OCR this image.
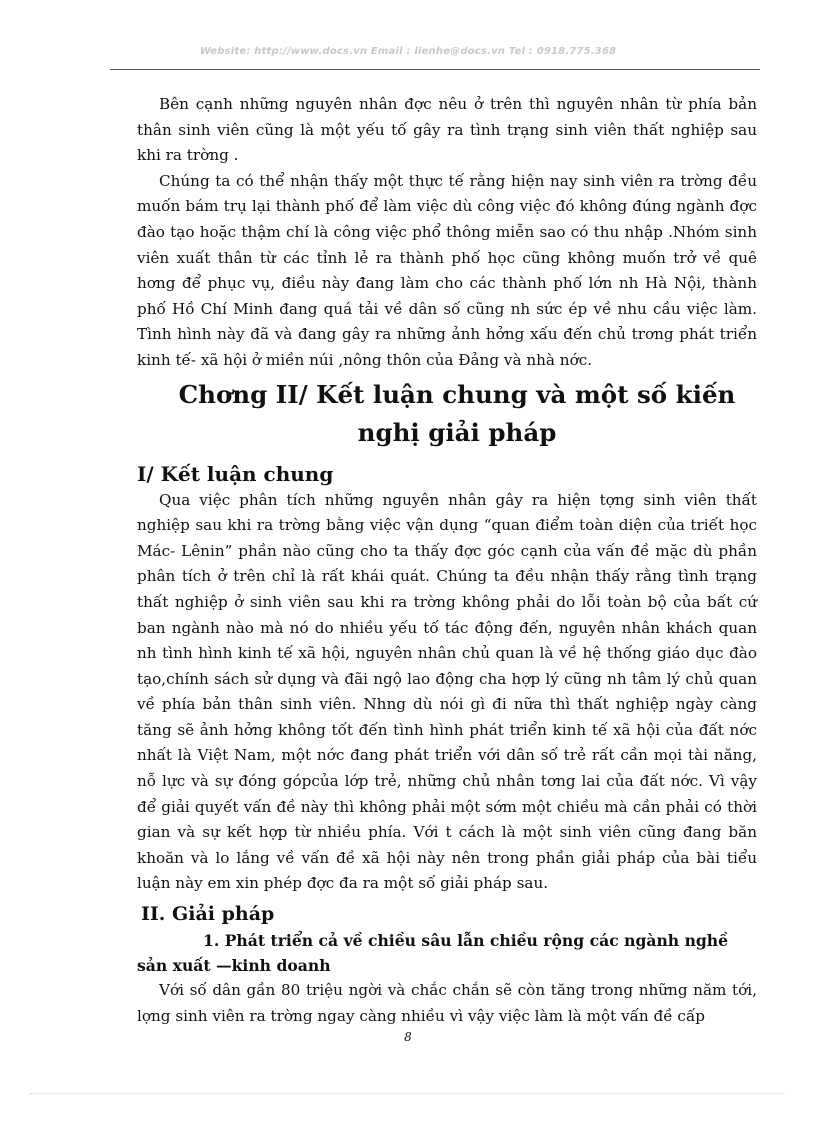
Website: http://www.docs.vn Email : lienhe@docs.vn Tel : 0918.775.368

Bên cạnh những nguyên nhân đợc nêu ở trên thì nguyên nhân từ phía bản thân sinh viên cũng là một yếu tố gây ra tình trạng sinh viên thất nghiệp sau khi ra trờng .

Chúng ta có thể nhận thấy một thực tế rằng hiện nay sinh viên ra trờng đều muốn bám trụ lại thành phố để làm việc dù công việc đó không đúng ngành đợc đào tạo hoặc thậm chí là công việc phổ thông miễn sao có thu nhập .Nhóm sinh viên xuất thân từ các tỉnh lẻ ra thành phố học cũng không muốn trở về quê hơng để phục vụ, điều này đang làm cho các thành phố lớn nh Hà Nội, thành phố Hồ Chí Minh đang quá tải về dân số cũng nh sức ép về nhu cầu việc làm. Tình hình này đã và đang gây ra những ảnh hởng xấu đến chủ trơng phát triển kinh tế- xã hội ở miền núi ,nông thôn của Đảng và nhà nớc.

Chơng II/ Kết luận chung và một số kiến nghị giải pháp
I/ Kết luận chung

Qua việc phân tích những nguyên nhân gây ra hiện tợng sinh viên thất nghiệp sau khi ra trờng bằng việc vận dụng “quan điểm toàn diện của triết học Mác- Lênin” phần nào cũng cho ta thấy đợc góc cạnh của vấn đề mặc dù phần phân tích ở trên chỉ là rất khái quát. Chúng ta đều nhận thấy rằng tình trạng thất nghiệp ở sinh viên sau khi ra trờng không phải do lỗi toàn bộ của bất cứ ban ngành nào mà nó do nhiều yếu tố tác động đến, nguyên nhân khách quan nh tình hình kinh tế xã hội, nguyên nhân chủ quan là về hệ thống giáo dục đào tạo,chính sách sử dụng và đãi ngộ lao động cha hợp lý cũng nh tâm lý chủ quan về phía bản thân sinh viên. Nhng dù nói gì đi nữa thì thất nghiệp ngày càng tăng sẽ ảnh hởng không tốt đến tình hình phát triển kinh tế xã hội của đất nớc nhất là Việt Nam, một nớc đang phát triển với dân số trẻ rất cần mọi tài năng, nỗ lực và sự đóng gópcủa lớp trẻ, những chủ nhân tơng lai của đất nớc. Vì vậy để giải quyết vấn đề này thì không phải một sớm một chiều mà cần phải có thời gian và sự kết hợp từ nhiều phía. Với t cách là một sinh viên cũng đang băn khoăn và lo lắng về vấn đề xã hội này nên trong phần giải pháp của bài tiểu luận này em xin phép đợc đa ra một số giải pháp sau.

II. Giải pháp

1. Phát triển cả về chiều sâu lẫn chiều rộng các ngành nghề sản xuất —kinh doanh

Với số dân gần 80 triệu ngời và chắc chắn sẽ còn tăng trong những năm tới, lợng sinh viên ra trờng ngay càng nhiều vì vậy việc làm là một vấn đề cấp

8
